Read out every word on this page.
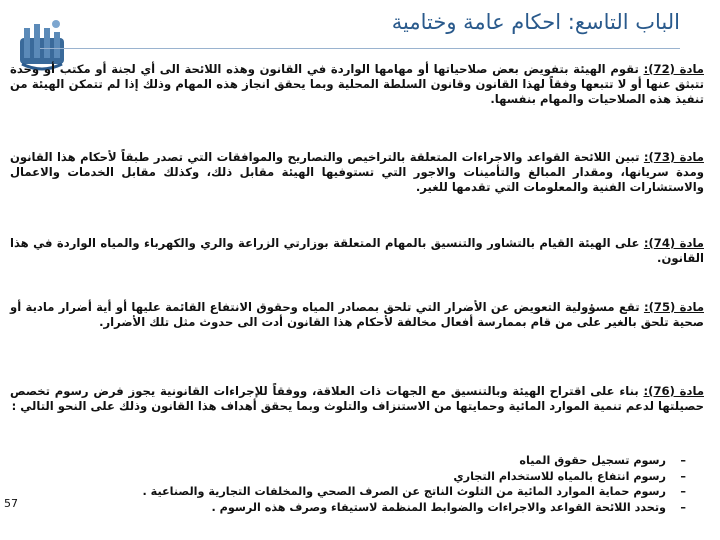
الباب التاسع: احكام عامة وختامية
مادة (72): تقوم الهيئة بتفويض بعض صلاحياتها أو مهامها الواردة في القانون وهذه اللائحة الى أي لجنة أو مكتب أو وحدة تتبثق عنها أو لا تتبعها وفقاً لهذا القانون وقانون السلطة المحلية وبما يحقق انجاز هذه المهام وذلك إذا لم تتمكن الهيئة من تنفيذ هذه الصلاحيات والمهام بنفسها.
مادة (73): تبين اللائحة القواعد والاجراءات المتعلقة بالتراخيص والتصاريح والموافقات التي تصدر طبقاً لأحكام هذا القانون ومدة سريانها، ومقدار المبالغ والتأمينات والاجور التي تستوفيها الهيئة مقابل ذلك، وكذلك مقابل الخدمات والاعمال والاستشارات الفنية والمعلومات التي تقدمها للغير.
مادة (74): على الهيئة القيام بالتشاور والتنسيق بالمهام المتعلقة بوزارتي الزراعة والري والكهرباء والمياه الواردة في هذا القانون.
مادة (75): تقع مسؤولية التعويض عن الأضرار التي تلحق بمصادر المياه وحقوق الانتفاع القائمة عليها أو أية أضرار مادية أو صحية تلحق بالغير على من قام بممارسة أفعال مخالفة لأحكام هذا القانون أدت الى حدوث مثل تلك الأضرار.
مادة (76): بناء على اقتراح الهيئة وبالتنسيق مع الجهات ذات العلاقة، ووفقاً للإجراءات القانونية يجوز فرض رسوم تخصص حصيلتها لدعم تنمية الموارد المائية وحمايتها من الاستنزاف والتلوث وبما يحقق أهداف هذا القانون وذلك على النحو التالي :
– رسوم تسجيل حقوق المياه
– رسوم انتفاع بالمياه للاستخدام التجاري
– رسوم حماية الموارد المائية من التلوث الناتج عن الصرف الصحي والمخلفات التجارية والصناعية .
– وتحدد اللائحة القواعد والاجراءات والضوابط المنظمة لاستيفاء وصرف هذه الرسوم .
57
